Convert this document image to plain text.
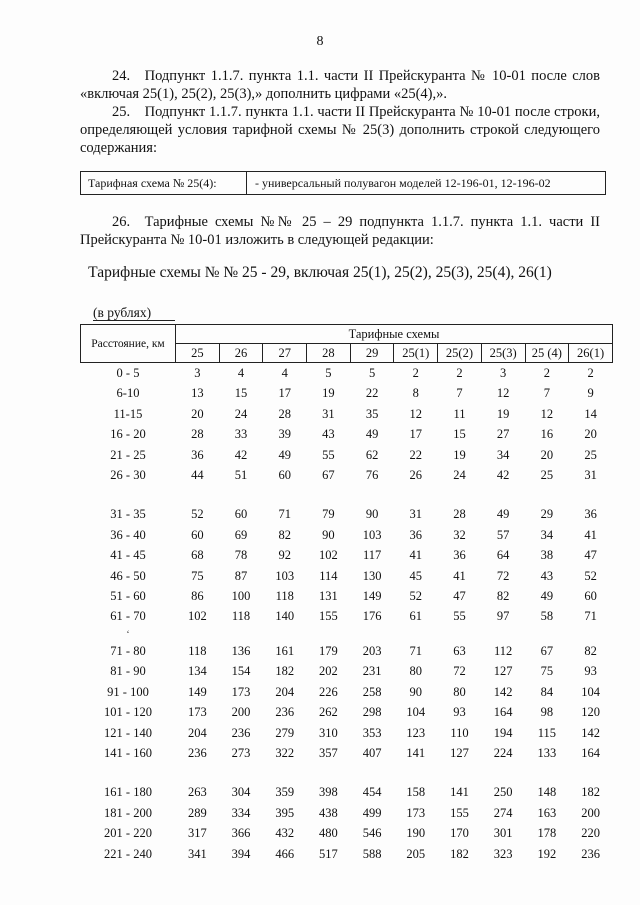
8
24. Подпункт 1.1.7. пункта 1.1. части II Прейскуранта № 10-01 после слов «включая 25(1), 25(2), 25(3),» дополнить цифрами «25(4),».
25. Подпункт 1.1.7. пункта 1.1. части II Прейскуранта № 10-01 после строки, определяющей условия тарифной схемы № 25(3) дополнить строкой следующего содержания:
Тарифная схема № 25(4):	- универсальный полувагон моделей 12-196-01, 12-196-02
26. Тарифные схемы №№ 25 – 29 подпункта 1.1.7. пункта 1.1. части II Прейскуранта № 10-01 изложить в следующей редакции:
Тарифные схемы № № 25 - 29, включая 25(1), 25(2), 25(3), 25(4), 26(1)
(в рублях)
Расстояние, км	Тарифные схемы									
	25	26	27	28	29	25(1)	25(2)	25(3)	25 (4)	26(1)
0 - 5	3	4	4	5	5	2	2	3	2	2
6-10	13	15	17	19	22	8	7	12	7	9
11-15	20	24	28	31	35	12	11	19	12	14
16 - 20	28	33	39	43	49	17	15	27	16	20
21 - 25	36	42	49	55	62	22	19	34	20	25
26 - 30	44	51	60	67	76	26	24	42	25	31

31 - 35	52	60	71	79	90	31	28	49	29	36
36 - 40	60	69	82	90	103	36	32	57	34	41
41 - 45	68	78	92	102	117	41	36	64	38	47
46 - 50	75	87	103	114	130	45	41	72	43	52
51 - 60	86	100	118	131	149	52	47	82	49	60
61 - 70	102	118	140	155	176	61	55	97	58	71
ʻ										
71 - 80	118	136	161	179	203	71	63	112	67	82
81 - 90	134	154	182	202	231	80	72	127	75	93
91 - 100	149	173	204	226	258	90	80	142	84	104
101 - 120	173	200	236	262	298	104	93	164	98	120
121 - 140	204	236	279	310	353	123	110	194	115	142
141 - 160	236	273	322	357	407	141	127	224	133	164

161 - 180	263	304	359	398	454	158	141	250	148	182
181 - 200	289	334	395	438	499	173	155	274	163	200
201 - 220	317	366	432	480	546	190	170	301	178	220
221 - 240	341	394	466	517	588	205	182	323	192	236
